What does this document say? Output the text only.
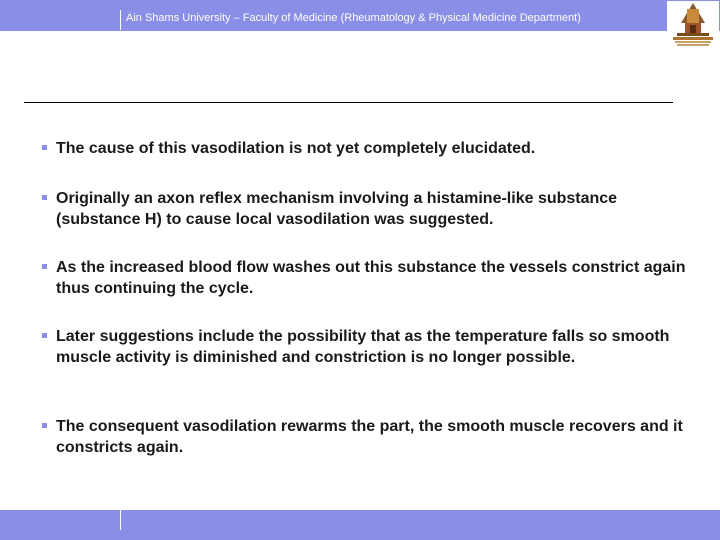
Ain Shams University – Faculty of Medicine (Rheumatology & Physical Medicine Department)
The cause of this vasodilation is not yet completely elucidated.
Originally an axon reflex mechanism involving a histamine-like substance (substance H) to cause local vasodilation was suggested.
As the increased blood flow washes out this substance the vessels constrict again thus continuing the cycle.
Later suggestions include the possibility that as the temperature falls so smooth muscle activity is diminished and constriction is no longer possible.
The consequent vasodilation rewarms the part, the smooth muscle recovers and it constricts again.
